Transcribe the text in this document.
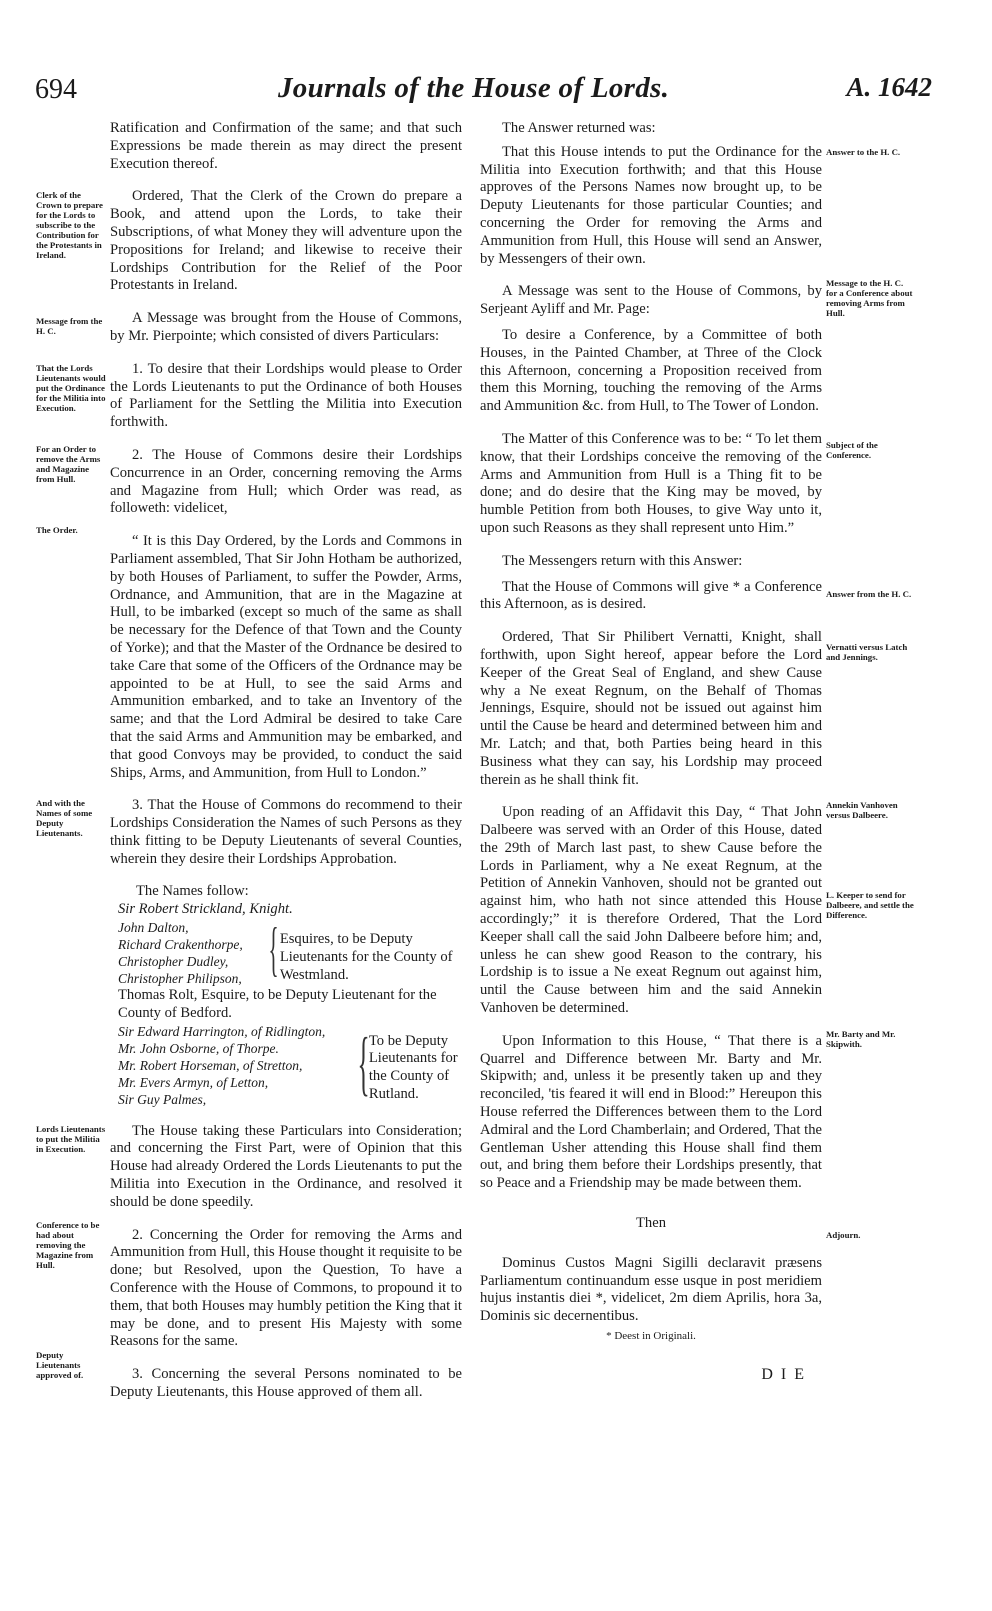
694	Journals of the House of Lords.	A. 1642
Clerk of the Crown to prepare for the Lords to subscribe to the Contribution for the Protestants in Ireland.
Message from the H. C.
That the Lords Lieutenants would put the Ordinance for the Militia into Execution.
For an Order to remove the Arms and Magazine from Hull.
The Order.
And with the Names of some Deputy Lieutenants.
Lords Lieutenants to put the Militia in Execution.
Conference to be had about removing the Magazine from Hull.
Deputy Lieutenants approved of.
Answer to the H. C.
Message to the H. C. for a Conference about removing Arms from Hull.
Subject of the Conference.
Answer from the H. C.
Vernatti versus Latch and Jennings.
Annekin Vanhoven versus Dalbeere.
L. Keeper to send for Dalbeere, and settle the Difference.
Mr. Barty and Mr. Skipwith.
Adjourn.

Ratification and Confirmation of the same; and that such Expressions be made therein as may direct the present Execution thereof.

Ordered, That the Clerk of the Crown do prepare a Book, and attend upon the Lords, to take their Subscriptions, of what Money they will adventure upon the Propositions for Ireland; and likewise to receive their Lordships Contribution for the Relief of the Poor Protestants in Ireland.

A Message was brought from the House of Commons, by Mr. Pierpointe; which consisted of divers Particulars:

1. To desire that their Lordships would please to Order the Lords Lieutenants to put the Ordinance of both Houses of Parliament for the Settling the Militia into Execution forthwith.

2. The House of Commons desire their Lordships Concurrence in an Order, concerning removing the Arms and Magazine from Hull; which Order was read, as followeth: videlicet,

“ It is this Day Ordered, by the Lords and Commons in Parliament assembled, That Sir John Hotham be authorized, by both Houses of Parliament, to suffer the Powder, Arms, Ordnance, and Ammunition, that are in the Magazine at Hull, to be imbarked (except so much of the same as shall be necessary for the Defence of that Town and the County of Yorke); and that the Master of the Ordnance be desired to take Care that some of the Officers of the Ordnance may be appointed to be at Hull, to see the said Arms and Ammunition embarked, and to take an Inventory of the same; and that the Lord Admiral be desired to take Care that the said Arms and Ammunition may be embarked, and that good Convoys may be provided, to conduct the said Ships, Arms, and Ammunition, from Hull to London.”

3. That the House of Commons do recommend to their Lordships Consideration the Names of such Persons as they think fitting to be Deputy Lieutenants of several Counties, wherein they desire their Lordships Approbation.

The Names follow:
Sir Robert Strickland, Knight.
John Dalton,
Richard Crakenthorpe,
Christopher Dudley,
Christopher Philipson, { Esquires, to be Deputy Lieutenants for the County of Westmland.
Thomas Rolt, Esquire, to be Deputy Lieutenant for the County of Bedford.
Sir Edward Harrington, of Ridlington,
Mr. John Osborne, of Thorpe.
Mr. Robert Horseman, of Stretton,
Mr. Evers Armyn, of Letton,
Sir Guy Palmes,	{ To be Deputy Lieutenants for the County of Rutland.

The House taking these Particulars into Consideration; and concerning the First Part, were of Opinion that this House had already Ordered the Lords Lieutenants to put the Militia into Execution in the Ordinance, and resolved it should be done speedily.

2. Concerning the Order for removing the Arms and Ammunition from Hull, this House thought it requisite to be done; but Resolved, upon the Question, To have a Conference with the House of Commons, to propound it to them, that both Houses may humbly petition the King that it may be done, and to present His Majesty with some Reasons for the same.

3. Concerning the several Persons nominated to be Deputy Lieutenants, this House approved of them all.

The Answer returned was:

That this House intends to put the Ordinance for the Militia into Execution forthwith; and that this House approves of the Persons Names now brought up, to be Deputy Lieutenants for those particular Counties; and concerning the Order for removing the Arms and Ammunition from Hull, this House will send an Answer, by Messengers of their own.

A Message was sent to the House of Commons, by Serjeant Ayliff and Mr. Page:

To desire a Conference, by a Committee of both Houses, in the Painted Chamber, at Three of the Clock this Afternoon, concerning a Proposition received from them this Morning, touching the removing of the Arms and Ammunition &c. from Hull, to The Tower of London.

The Matter of this Conference was to be: “ To let them know, that their Lordships conceive the removing of the Arms and Ammunition from Hull is a Thing fit to be done; and do desire that the King may be moved, by humble Petition from both Houses, to give Way unto it, upon such Reasons as they shall represent unto Him.”

The Messengers return with this Answer:

That the House of Commons will give * a Conference this Afternoon, as is desired.

Ordered, That Sir Philibert Vernatti, Knight, shall forthwith, upon Sight hereof, appear before the Lord Keeper of the Great Seal of England, and shew Cause why a Ne exeat Regnum, on the Behalf of Thomas Jennings, Esquire, should not be issued out against him until the Cause be heard and determined between him and Mr. Latch; and that, both Parties being heard in this Business what they can say, his Lordship may proceed therein as he shall think fit.

Upon reading of an Affidavit this Day, “ That John Dalbeere was served with an Order of this House, dated the 29th of March last past, to shew Cause before the Lords in Parliament, why a Ne exeat Regnum, at the Petition of Annekin Vanhoven, should not be granted out against him, who hath not since attended this House accordingly;” it is therefore Ordered, That the Lord Keeper shall call the said John Dalbeere before him; and, unless he can shew good Reason to the contrary, his Lordship is to issue a Ne exeat Regnum out against him, until the Cause between him and the said Annekin Vanhoven be determined.

Upon Information to this House, “ That there is a Quarrel and Difference between Mr. Barty and Mr. Skipwith; and, unless it be presently taken up and they reconciled, 'tis feared it will end in Blood:” Hereupon this House referred the Differences between them to the Lord Admiral and the Lord Chamberlain; and Ordered, That the Gentleman Usher attending this House shall find them out, and bring them before their Lordships presently, that so Peace and a Friendship may be made between them.

Then

Dominus Custos Magni Sigilli declaravit præsens Parliamentum continuandum esse usque in post meridiem hujus instantis diei *, videlicet, 2m diem Aprilis, hora 3a, Dominis sic decernentibus.

* Deest in Originali.
DIE
